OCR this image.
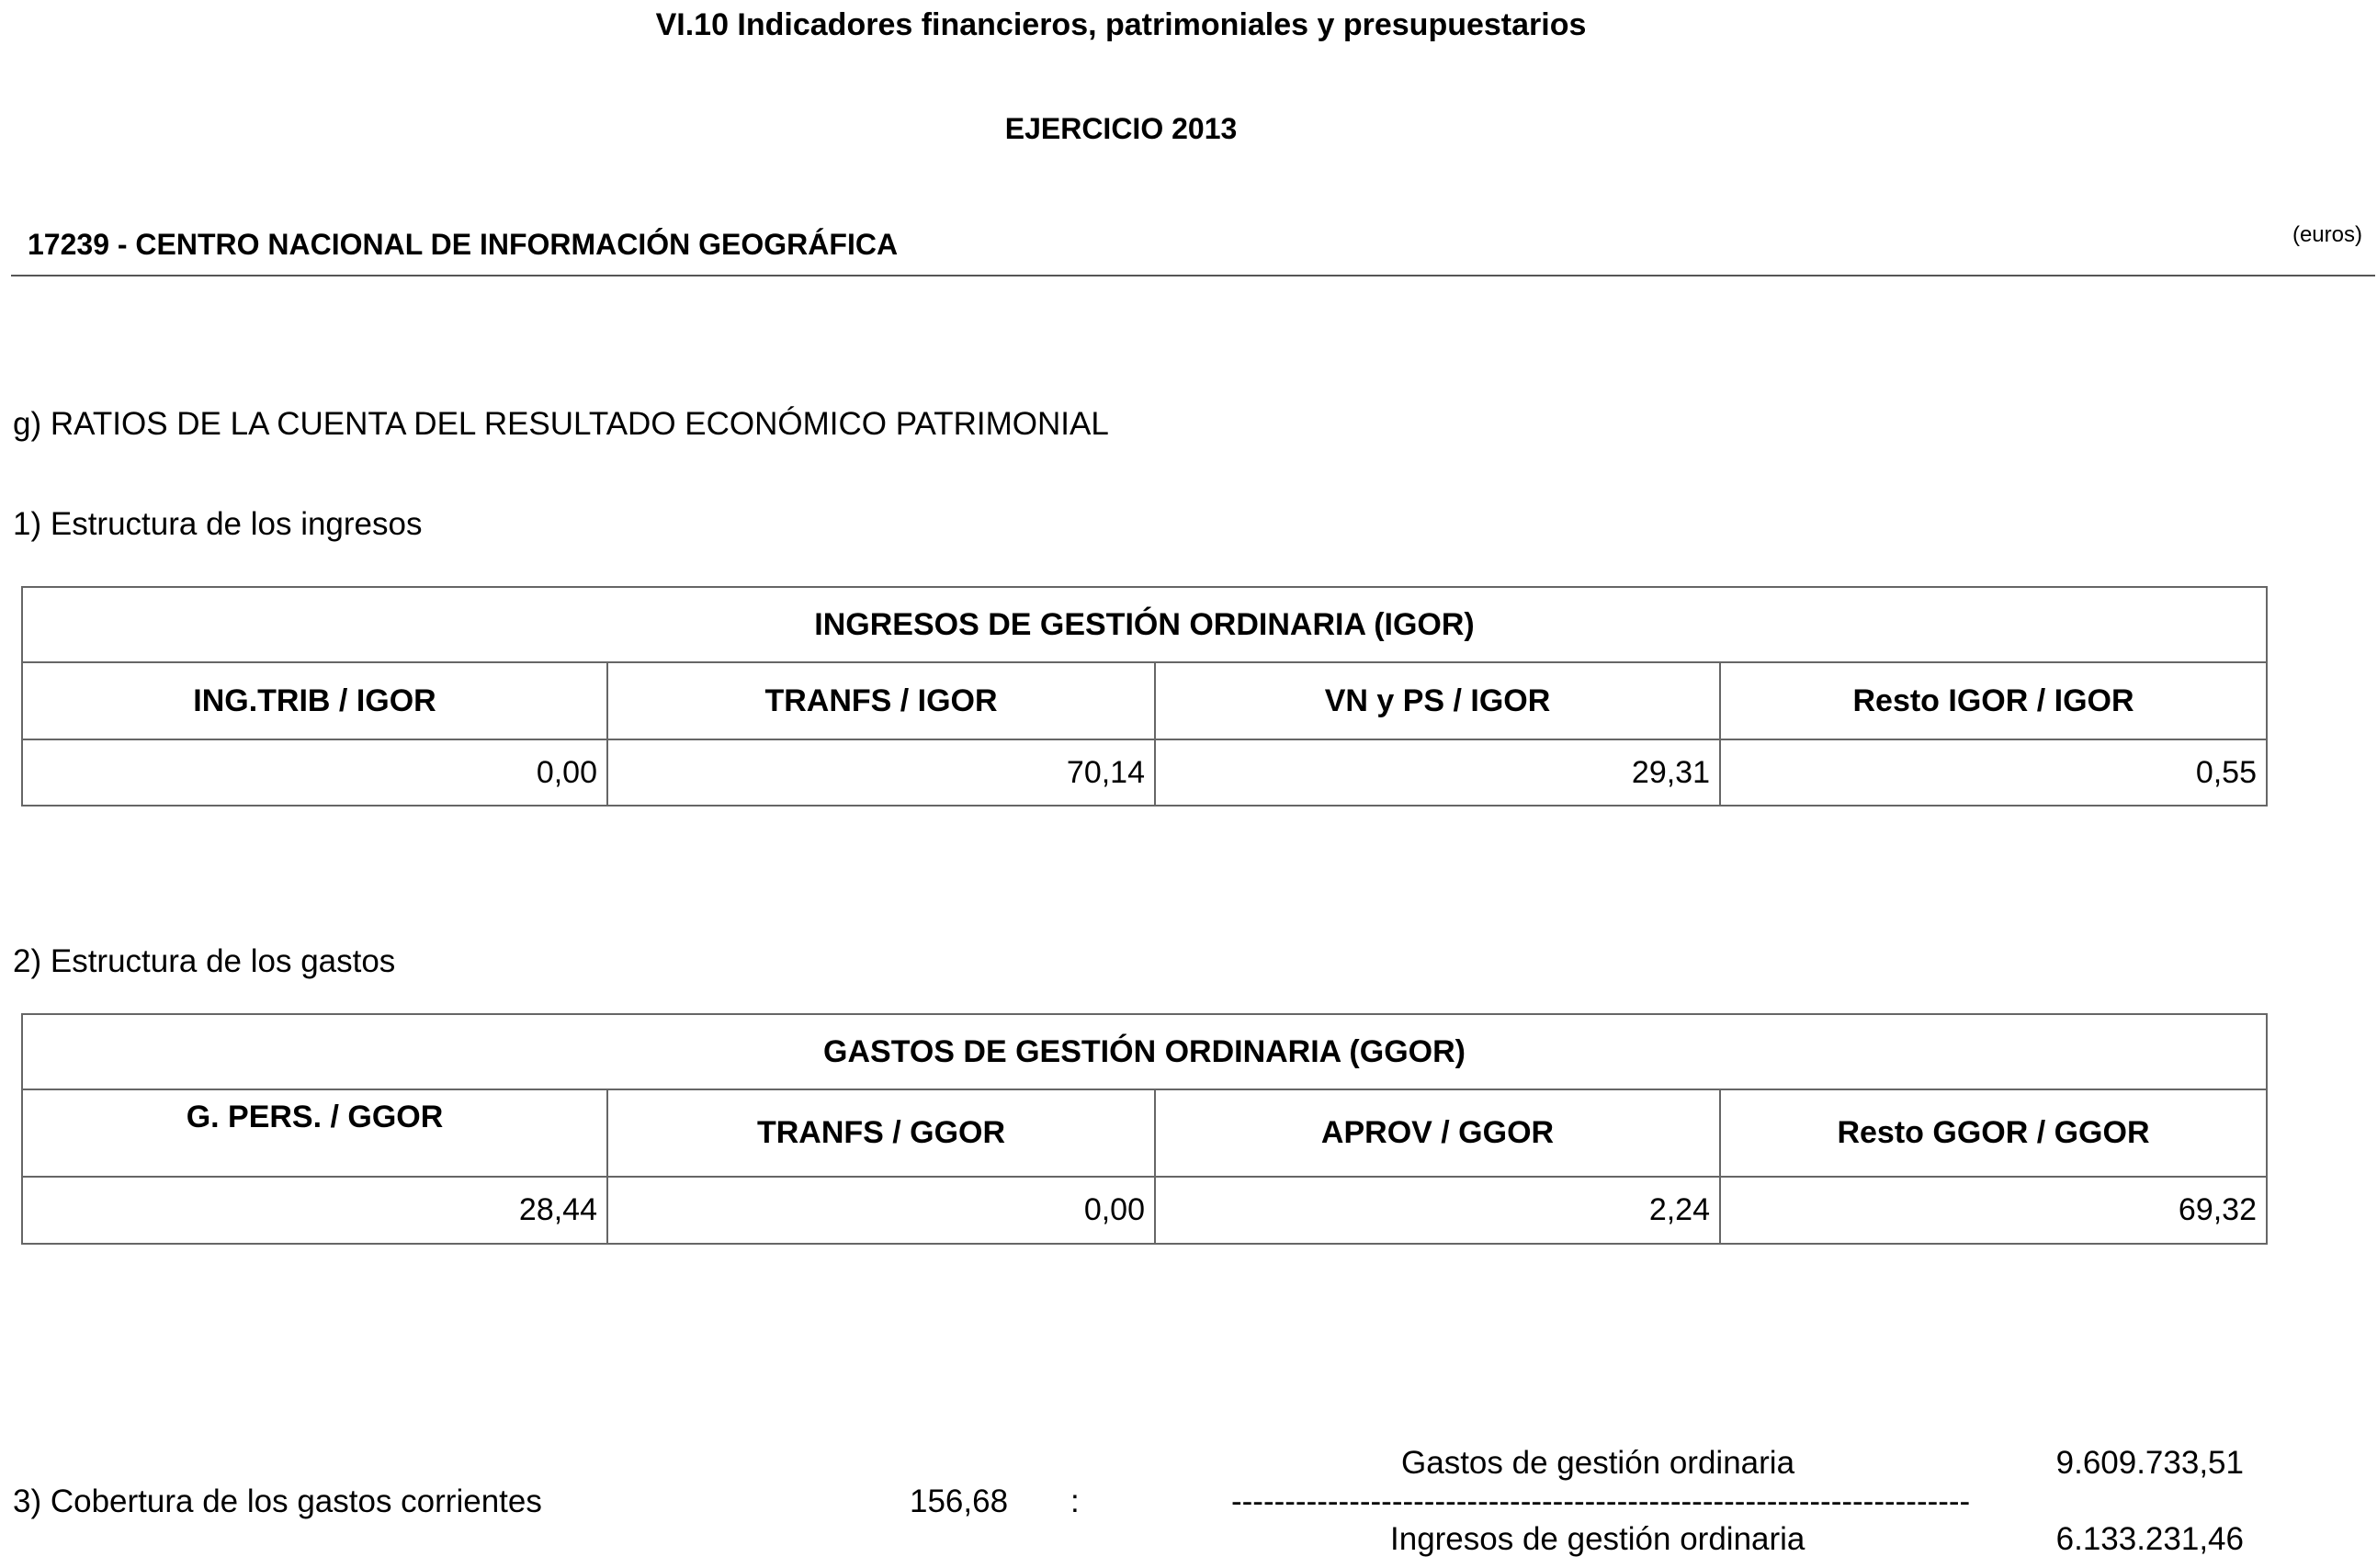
VI.10 Indicadores financieros, patrimoniales y presupuestarios
EJERCICIO 2013
17239 - CENTRO NACIONAL DE INFORMACIÓN GEOGRÁFICA	(euros)
g) RATIOS DE LA CUENTA DEL RESULTADO ECONÓMICO PATRIMONIAL
1) Estructura de los ingresos
INGRESOS DE GESTIÓN ORDINARIA (IGOR)			
ING.TRIB / IGOR	TRANFS / IGOR	VN y PS / IGOR	Resto IGOR / IGOR
0,00	70,14	29,31	0,55
2) Estructura de los gastos
GASTOS DE GESTIÓN ORDINARIA (GGOR)			
G. PERS. / GGOR	TRANFS / GGOR	APROV / GGOR	Resto GGOR / GGOR
28,44	0,00	2,24	69,32
3) Cobertura de los gastos corrientes	156,68 :
Gastos de gestión ordinaria	9.609.733,51
---------------------------------------------------------------------
Ingresos de gestión ordinaria	6.133.231,46
